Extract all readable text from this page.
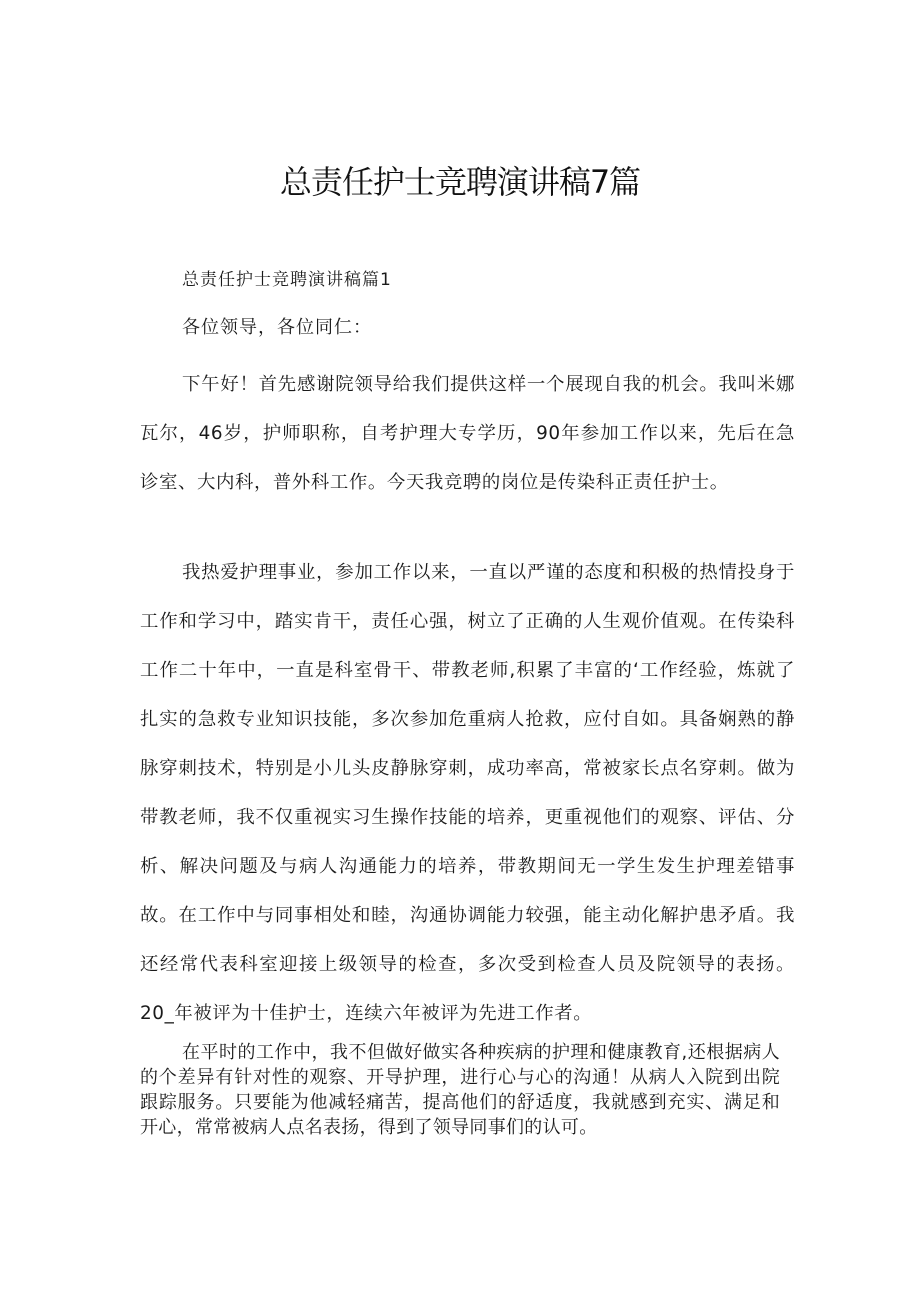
总责任护士竞聘演讲稿7篇
总责任护士竞聘演讲稿篇1

各位领导，各位同仁：

下午好！首先感谢院领导给我们提供这样一个展现自我的机会。我叫米娜瓦尔，46岁，护师职称，自考护理大专学历，90年参加工作以来，先后在急诊室、大内科，普外科工作。今天我竞聘的岗位是传染科正责任护士。

我热爱护理事业，参加工作以来，一直以严谨的态度和积极的热情投身于工作和学习中，踏实肯干，责任心强，树立了正确的人生观价值观。在传染科工作二十年中，一直是科室骨干、带教老师,积累了丰富的‘工作经验，炼就了扎实的急救专业知识技能，多次参加危重病人抢救，应付自如。具备娴熟的静脉穿刺技术，特别是小儿头皮静脉穿刺，成功率高，常被家长点名穿刺。做为带教老师，我不仅重视实习生操作技能的培养，更重视他们的观察、评估、分析、解决问题及与病人沟通能力的培养，带教期间无一学生发生护理差错事故。在工作中与同事相处和睦，沟通协调能力较强，能主动化解护患矛盾。我还经常代表科室迎接上级领导的检查，多次受到检查人员及院领导的表扬。20_年被评为十佳护士，连续六年被评为先进工作者。

在平时的工作中，我不但做好做实各种疾病的护理和健康教育,还根据病人的个差异有针对性的观察、开导护理，进行心与心的沟通！从病人入院到出院跟踪服务。只要能为他减轻痛苦，提高他们的舒适度，我就感到充实、满足和开心，常常被病人点名表扬，得到了领导同事们的认可。
